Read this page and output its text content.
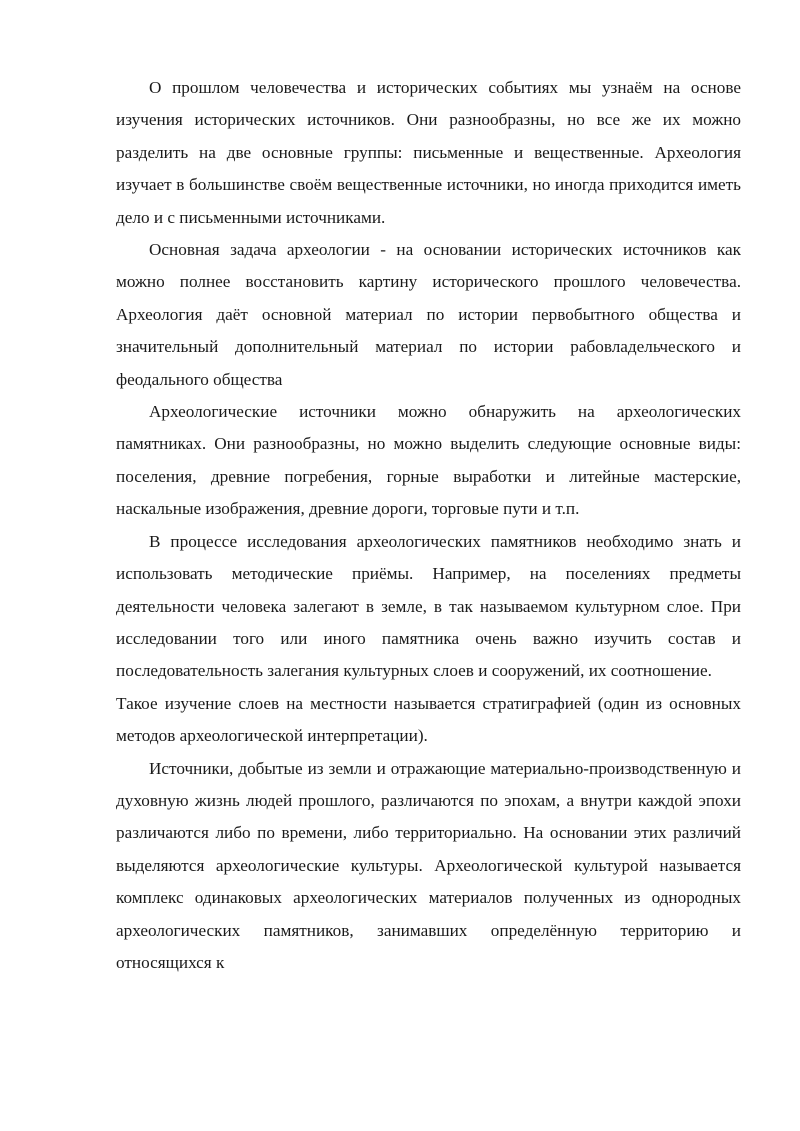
О прошлом человечества и исторических событиях мы узнаём на основе изучения исторических источников. Они разнообразны, но все же их можно разделить на две основные группы: письменные и вещественные. Археология изучает в большинстве своём вещественные источники, но иногда приходится иметь дело и с письменными источниками.

Основная задача археологии - на основании исторических источников как можно полнее восстановить картину исторического прошлого человечества. Археология даёт основной материал по истории первобытного общества и значительный дополнительный материал по истории рабовладельческого и феодального общества

Археологические источники можно обнаружить на археологических памятниках. Они разнообразны, но можно выделить следующие основные виды: поселения, древние погребения, горные выработки и литейные мастерские, наскальные изображения, древние дороги, торговые пути и т.п.

В процессе исследования археологических памятников необходимо знать и использовать методические приёмы. Например, на поселениях предметы деятельности человека залегают в земле, в так называемом культурном слое. При исследовании того или иного памятника очень важно изучить состав и последовательность залегания культурных слоев и сооружений, их соотношение.

Такое изучение слоев на местности называется стратиграфией (один из основных методов археологической интерпретации).

Источники, добытые из земли и отражающие материально-производственную и духовную жизнь людей прошлого, различаются по эпохам, а внутри каждой эпохи различаются либо по времени, либо территориально. На основании этих различий выделяются археологические культуры. Археологической культурой называется комплекс одинаковых археологических материалов полученных из однородных археологических памятников, занимавших определённую территорию и относящихся к
